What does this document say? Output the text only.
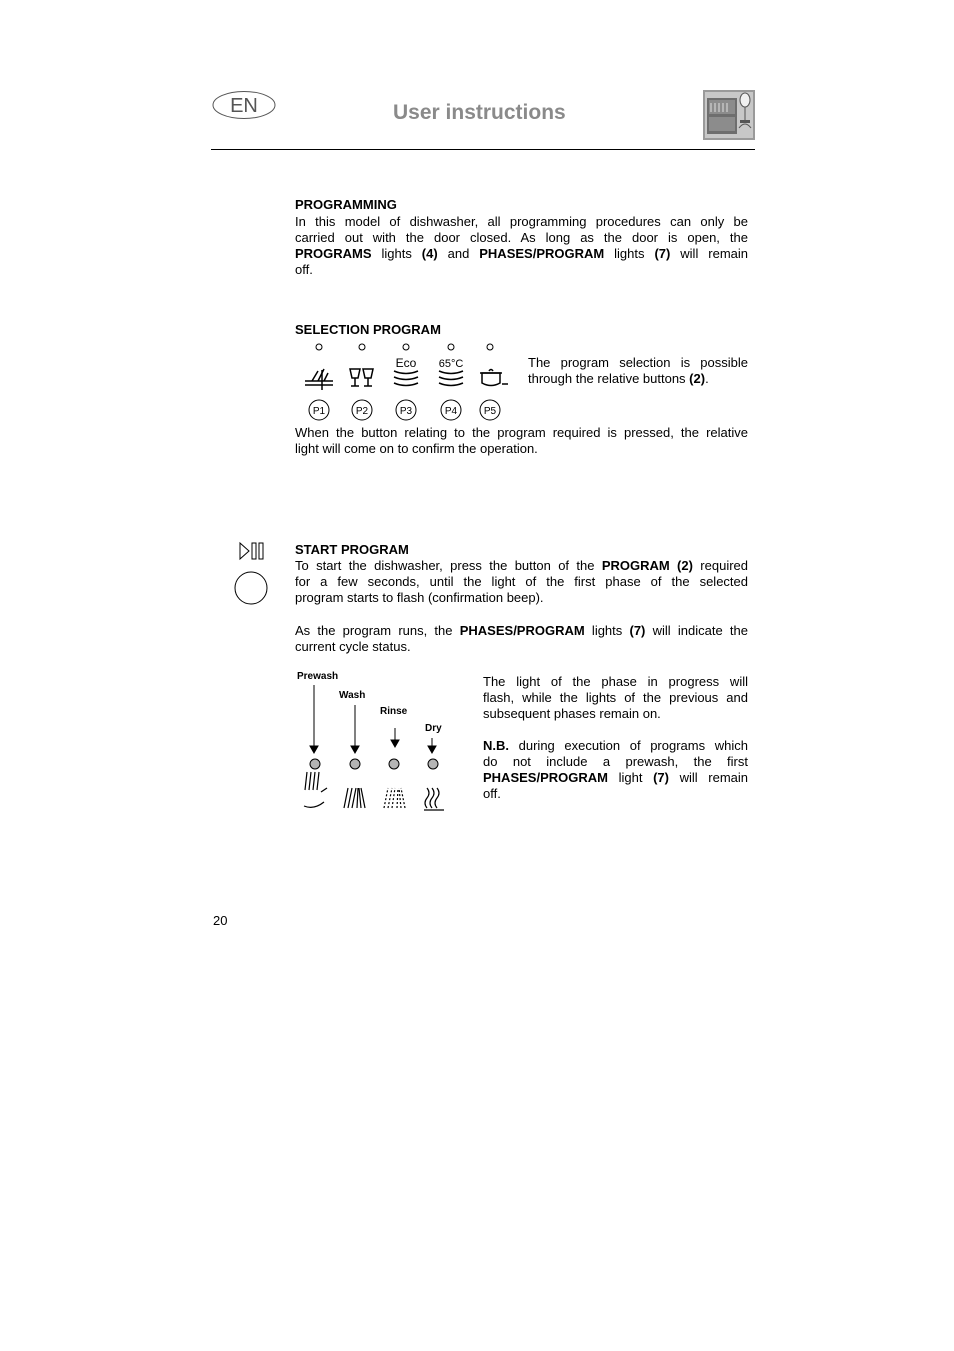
EN	User instructions
PROGRAMMING
In this model of dishwasher, all programming procedures can only be
carried out with the door closed. As long as the door is open, the
PROGRAMS lights (4) and PHASES/PROGRAM lights (7) will remain
off.
SELECTION PROGRAM
Eco 65°C
P1	P2	P3	P4	P5
The program selection is possible
through the relative buttons (2).
When the button relating to the program required is pressed, the relative
light will come on to confirm the operation.
START PROGRAM
To start the dishwasher, press the button of the PROGRAM (2) required
for a few seconds, until the light of the first phase of the selected
program starts to flash (confirmation beep).
As the program runs, the PHASES/PROGRAM lights (7) will indicate the
current cycle status.
Prewash
Wash
Rinse
Dry
The light of the phase in progress will
flash, while the lights of the previous and
subsequent phases remain on.
N.B. during execution of programs which
do not include a prewash, the first
PHASES/PROGRAM light (7) will remain
off.
20
